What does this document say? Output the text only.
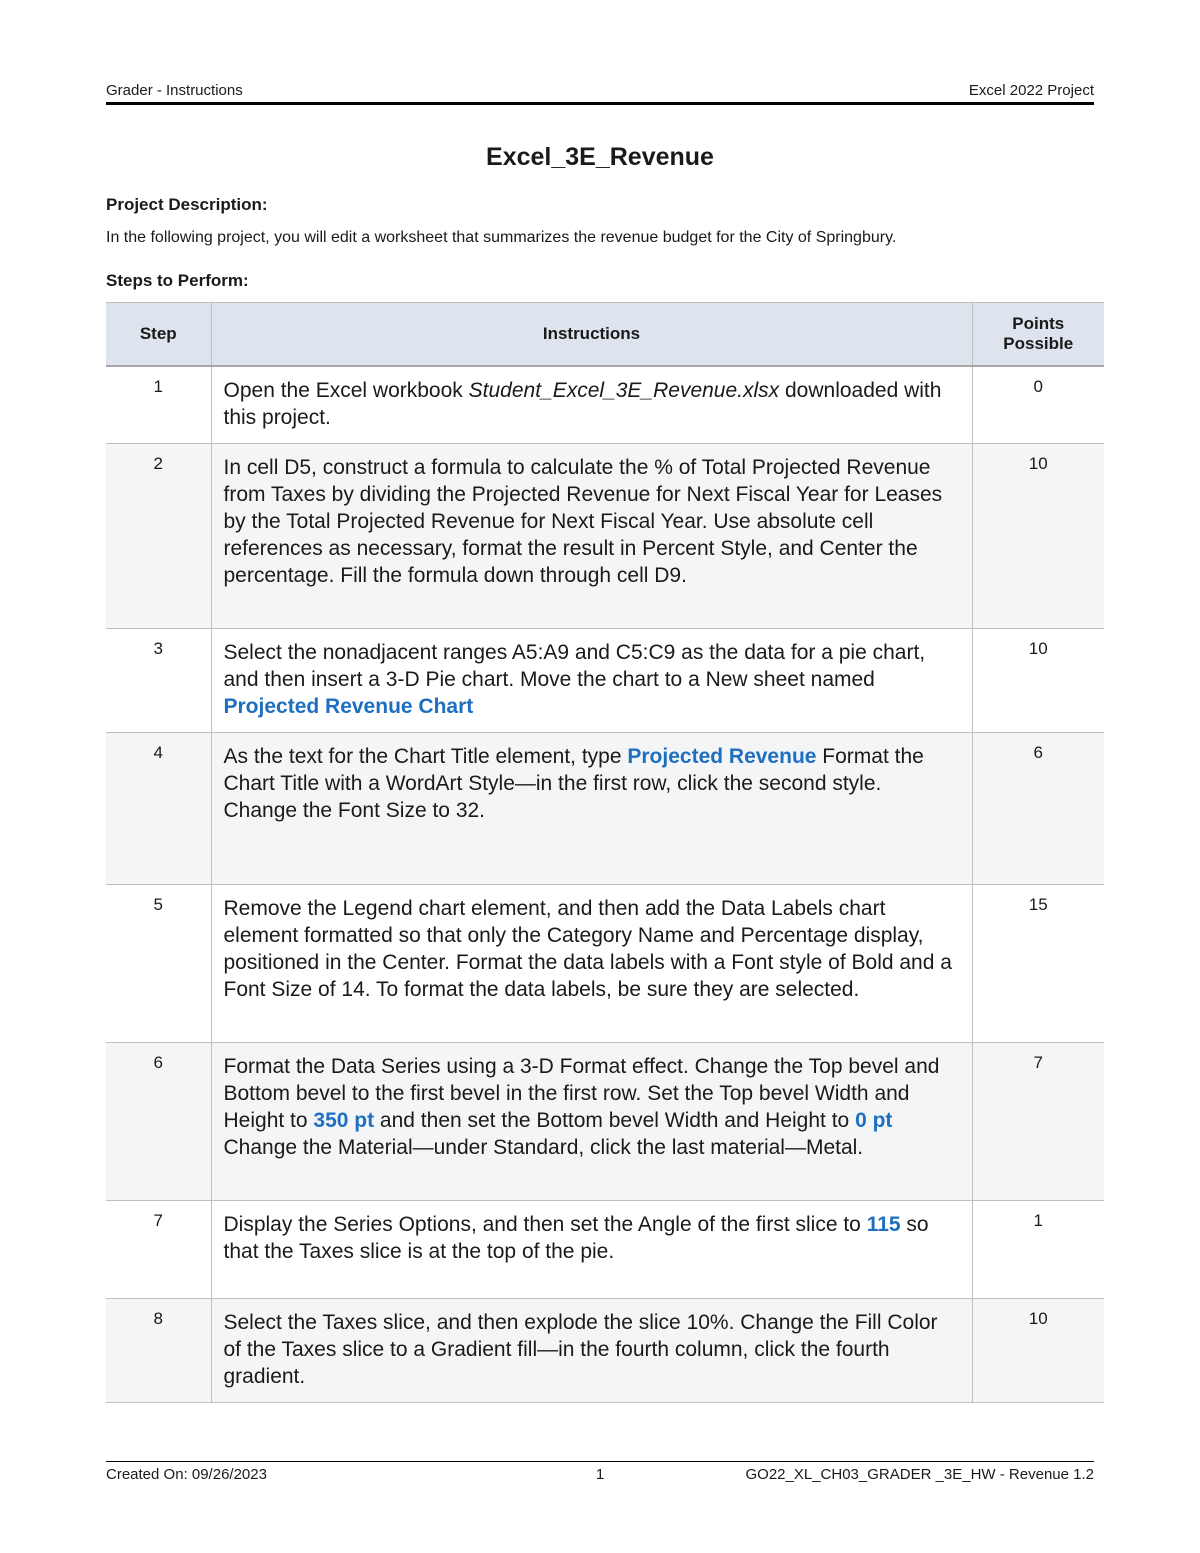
Grader - Instructions	Excel 2022 Project
Excel_3E_Revenue
Project Description:
In the following project, you will edit a worksheet that summarizes the revenue budget for the City of Springbury.
Steps to Perform:
Step	Instructions	Points
Possible
1	Open the Excel workbook Student_Excel_3E_Revenue.xlsx downloaded with this project.	0
2	In cell D5, construct a formula to calculate the % of Total Projected Revenue from Taxes by dividing the Projected Revenue for Next Fiscal Year for Leases by the Total Projected Revenue for Next Fiscal Year. Use absolute cell references as necessary, format the result in Percent Style, and Center the percentage. Fill the formula down through cell D9.	10
3	Select the nonadjacent ranges A5:A9 and C5:C9 as the data for a pie chart, and then insert a 3-D Pie chart. Move the chart to a New sheet named Projected Revenue Chart	10
4	As the text for the Chart Title element, type Projected Revenue Format the Chart Title with a WordArt Style—in the first row, click the second style. Change the Font Size to 32.	6
5	Remove the Legend chart element, and then add the Data Labels chart element formatted so that only the Category Name and Percentage display, positioned in the Center. Format the data labels with a Font style of Bold and a Font Size of 14. To format the data labels, be sure they are selected.	15
6	Format the Data Series using a 3-D Format effect. Change the Top bevel and Bottom bevel to the first bevel in the first row. Set the Top bevel Width and Height to 350 pt and then set the Bottom bevel Width and Height to 0 pt Change the Material—under Standard, click the last material—Metal.	7
7	Display the Series Options, and then set the Angle of the first slice to 115 so that the Taxes slice is at the top of the pie.	1
8	Select the Taxes slice, and then explode the slice 10%. Change the Fill Color of the Taxes slice to a Gradient fill—in the fourth column, click the fourth gradient.	10
Created On: 09/26/2023	1	GO22_XL_CH03_GRADER _3E_HW - Revenue 1.2
